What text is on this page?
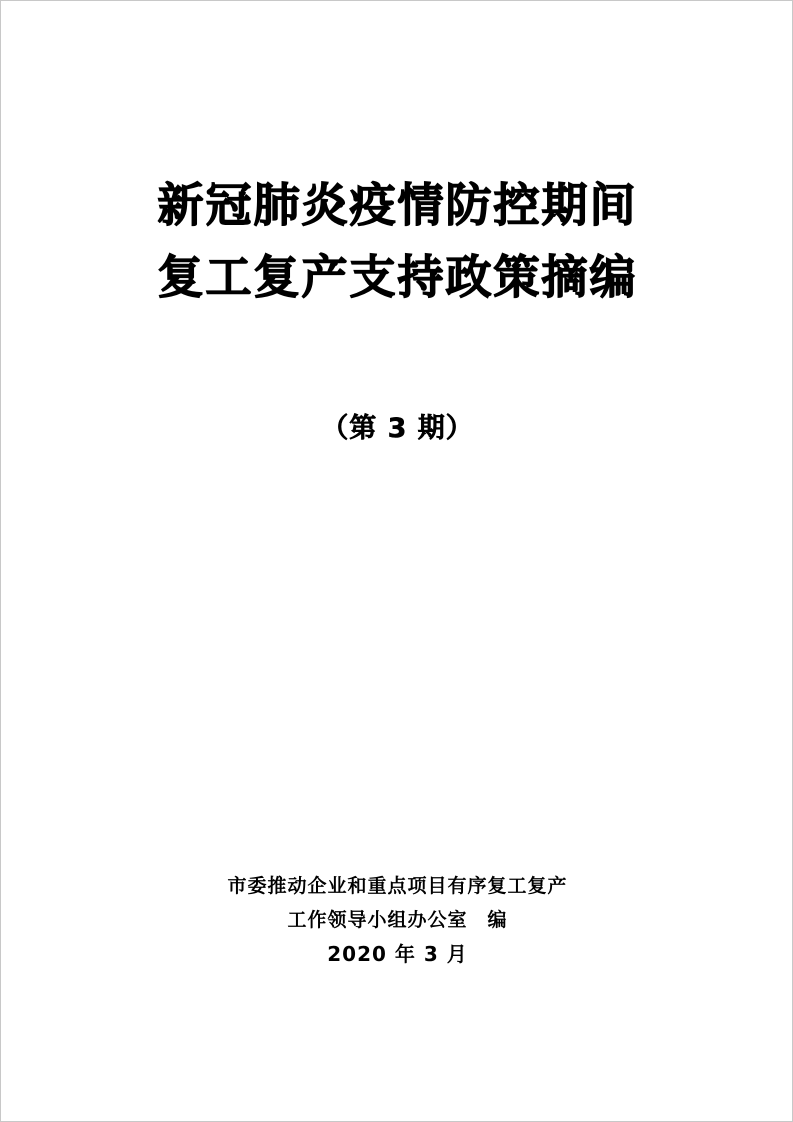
新冠肺炎疫情防控期间
复工复产支持政策摘编
（第 3 期）
市委推动企业和重点项目有序复工复产
工作领导小组办公室　编
2020 年 3 月
